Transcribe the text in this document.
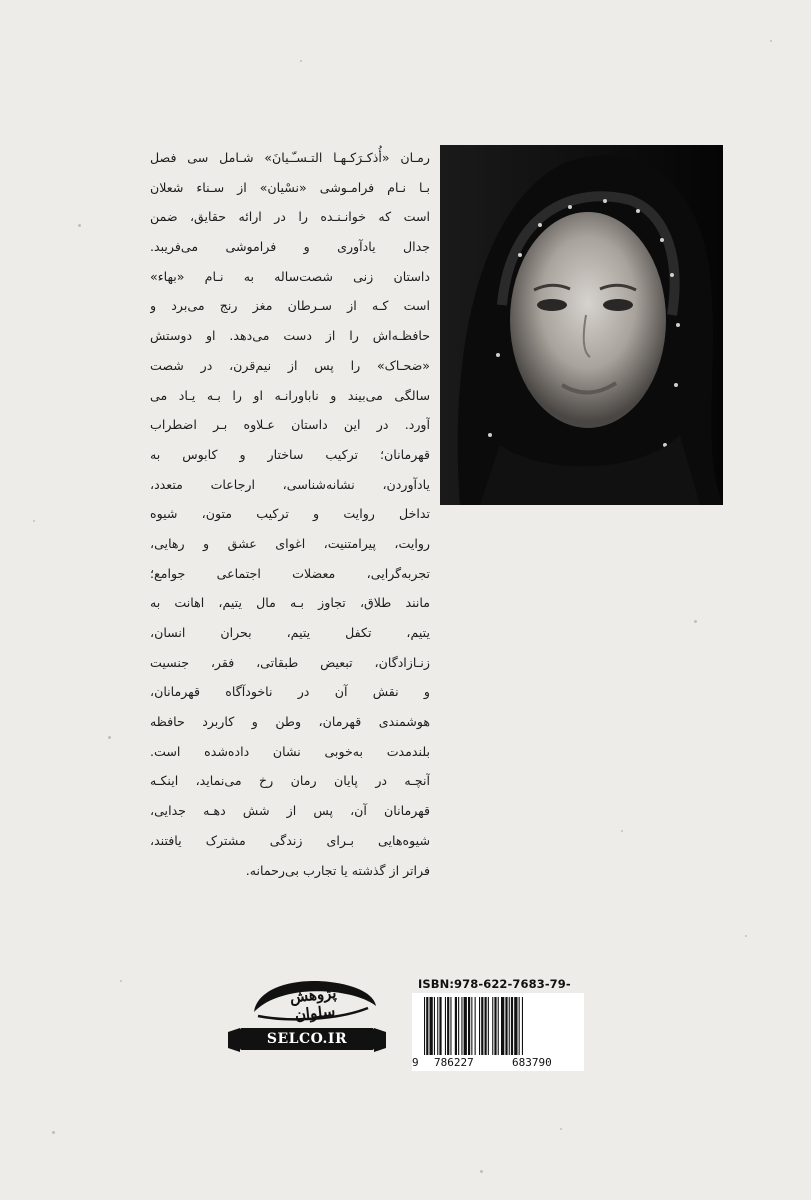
رمـان «أُذكـرَكـهـا التـسـّـيانَ» شـامل سی فصل
بـا نـام فرامـوشی «نسْیان» از سـناء شعلان
است که خوانـنـده را در ارائه حقایق، ضمن
جدال یادآوری و فراموشی می‌فریبد.
داستان زنی شصت‌ساله به نـام «بهاء»
است کـه از سـرطان مغز رنج می‌برد و
حافظـه‌اش را از دست می‌دهد. او دوستش
«ضحـاک» را پس از نیم‌قرن، در شصت
سالگی می‌بیند و ناباورانـه او را بـه یـاد می
آورد. در این داستان عـلاوه بـر اضطراب
قهرمانان؛ ترکیب ساختار و کابوس به
یادآوردن، نشانه‌شناسی، ارجاعات متعدد،
تداخل روایت و ترکیب متون، شیوه
روایت، پیرامتنیت، اغوای عشق و رهایی،
تجربه‌گرایی، معضلات اجتماعی جوامع؛
مانند طلاق، تجاوز بـه مال یتیم، اهانت به
یتیم، تکفل یتیم، بحران انسان،
زنـازادگان، تبعیض طبقاتی، فقر، جنسیت
و نقش آن در ناخودآگاه قهرمانان،
هوشمندی قهرمان، وطن و کاربرد حافظه
بلندمدت به‌خوبی نشان داده‌شده است.
آنچـه در پایان رمان رخ می‌نماید، اینکـه
قهرمانان آن، پس از شش دهـه جدایی،
شیوه‌هایی بـرای زندگی مشترک یافتند،
فراتر از گذشته یا تجارب بی‌رحمانه.
پژوهش سلوان
SELCO.IR
ISBN:978-622-7683-79-
9 786227	683790
